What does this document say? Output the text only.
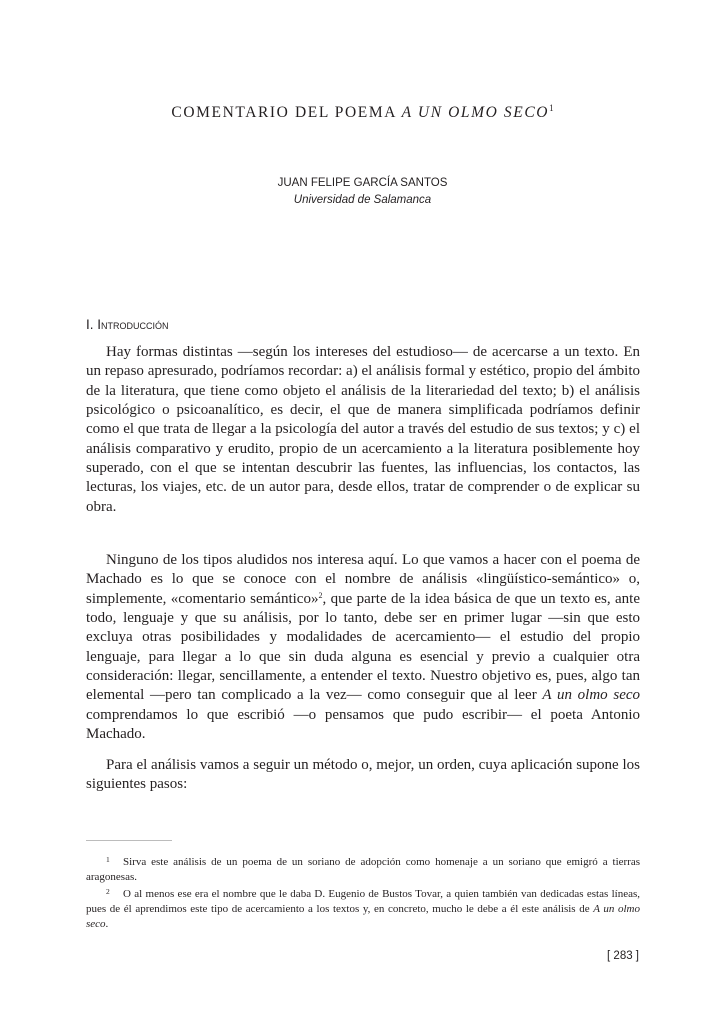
COMENTARIO DEL POEMA A UN OLMO SECO$^1$
JUAN FELIPE GARCÍA SANTOS
Universidad de Salamanca
I. Introducción

Hay formas distintas —según los intereses del estudioso— de acercarse a un texto. En un repaso apresurado, podríamos recordar: a) el análisis formal y estético, propio del ámbito de la literatura, que tiene como objeto el análisis de la literariedad del texto; b) el análisis psicológico o psicoanalítico, es decir, el que de manera simplificada podríamos definir como el que trata de llegar a la psicología del autor a través del estudio de sus textos; y c) el análisis comparativo y erudito, propio de un acercamiento a la literatura posiblemente hoy superado, con el que se intentan descubrir las fuentes, las influencias, los contactos, las lecturas, los viajes, etc. de un autor para, desde ellos, tratar de comprender o de explicar su obra.

Ninguno de los tipos aludidos nos interesa aquí. Lo que vamos a hacer con el poema de Machado es lo que se conoce con el nombre de análisis «lingüístico-semántico» o, simplemente, «comentario semántico»$^2$, que parte de la idea básica de que un texto es, ante todo, lenguaje y que su análisis, por lo tanto, debe ser en primer lugar —sin que esto excluya otras posibilidades y modalidades de acercamiento— el estudio del propio lenguaje, para llegar a lo que sin duda alguna es esencial y previo a cualquier otra consideración: llegar, sencillamente, a entender el texto. Nuestro objetivo es, pues, algo tan elemental —pero tan complicado a la vez— como conseguir que al leer A un olmo seco comprendamos lo que escribió —o pensamos que pudo escribir— el poeta Antonio Machado.

Para el análisis vamos a seguir un método o, mejor, un orden, cuya aplicación supone los siguientes pasos:

1 Sirva este análisis de un poema de un soriano de adopción como homenaje a un soriano que emigró a tierras aragonesas.

2 O al menos ese era el nombre que le daba D. Eugenio de Bustos Tovar, a quien también van dedicadas estas líneas, pues de él aprendimos este tipo de acercamiento a los textos y, en concreto, mucho le debe a él este análisis de A un olmo seco.

[ 283 ]
